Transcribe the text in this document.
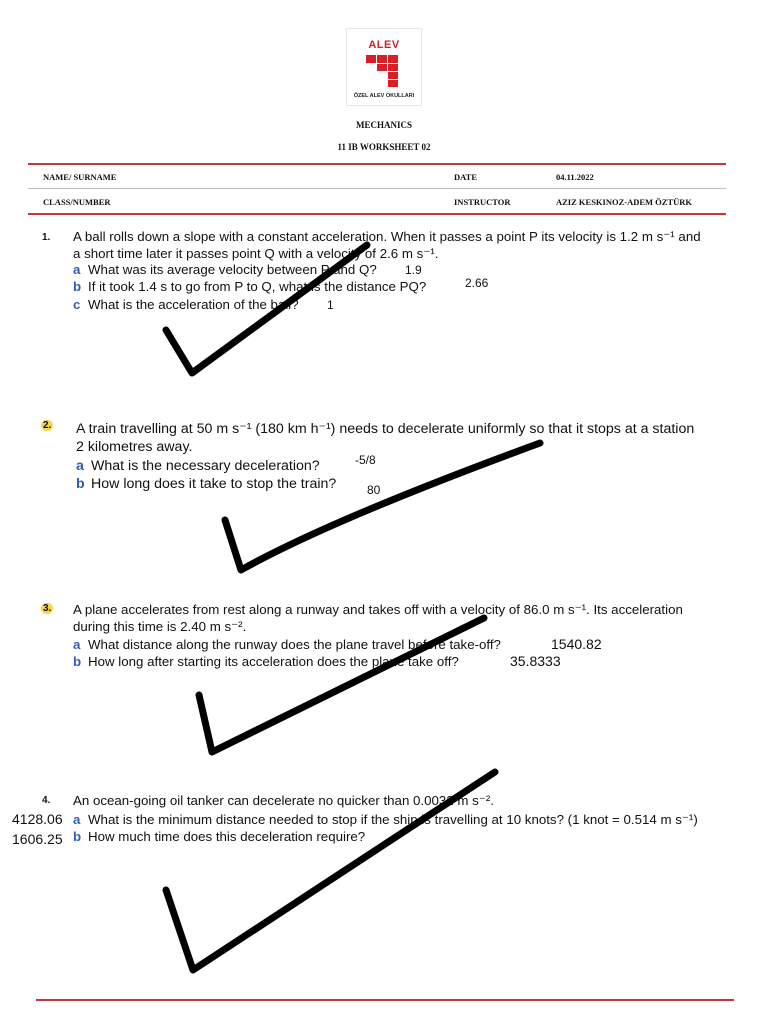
ALEV
ÖZEL ALEV OKULLARI
MECHANICS
11 IB WORKSHEET 02
NAME/ SURNAME	DATE	04.11.2022
CLASS/NUMBER	INSTRUCTOR	AZIZ KESKINOZ-ADEM ÖZTÜRK
1. A ball rolls down a slope with a constant acceleration. When it passes a point P its velocity is 1.2 m s⁻¹ and
a short time later it passes point Q with a velocity of 2.6 m s⁻¹.
a What was its average velocity between P and Q? 1.9
b If it took 1.4 s to go from P to Q, what is the distance PQ?	2.66
c What is the acceleration of the ball? 1
2. A train travelling at 50 m s⁻¹ (180 km h⁻¹) needs to decelerate uniformly so that it stops at a station
2 kilometres away.
a What is the necessary deceleration?	-5/8
b How long does it take to stop the train?	80
3. A plane accelerates from rest along a runway and takes off with a velocity of 86.0 m s⁻¹. Its acceleration
during this time is 2.40 m s⁻².
a What distance along the runway does the plane travel before take-off?	1540.82
b How long after starting its acceleration does the plane take off?	35.8333
4. An ocean-going oil tanker can decelerate no quicker than 0.0032 m s⁻².
4128.06 a What is the minimum distance needed to stop if the ship is travelling at 10 knots? (1 knot = 0.514 m s⁻¹)
1606.25 b How much time does this deceleration require?
